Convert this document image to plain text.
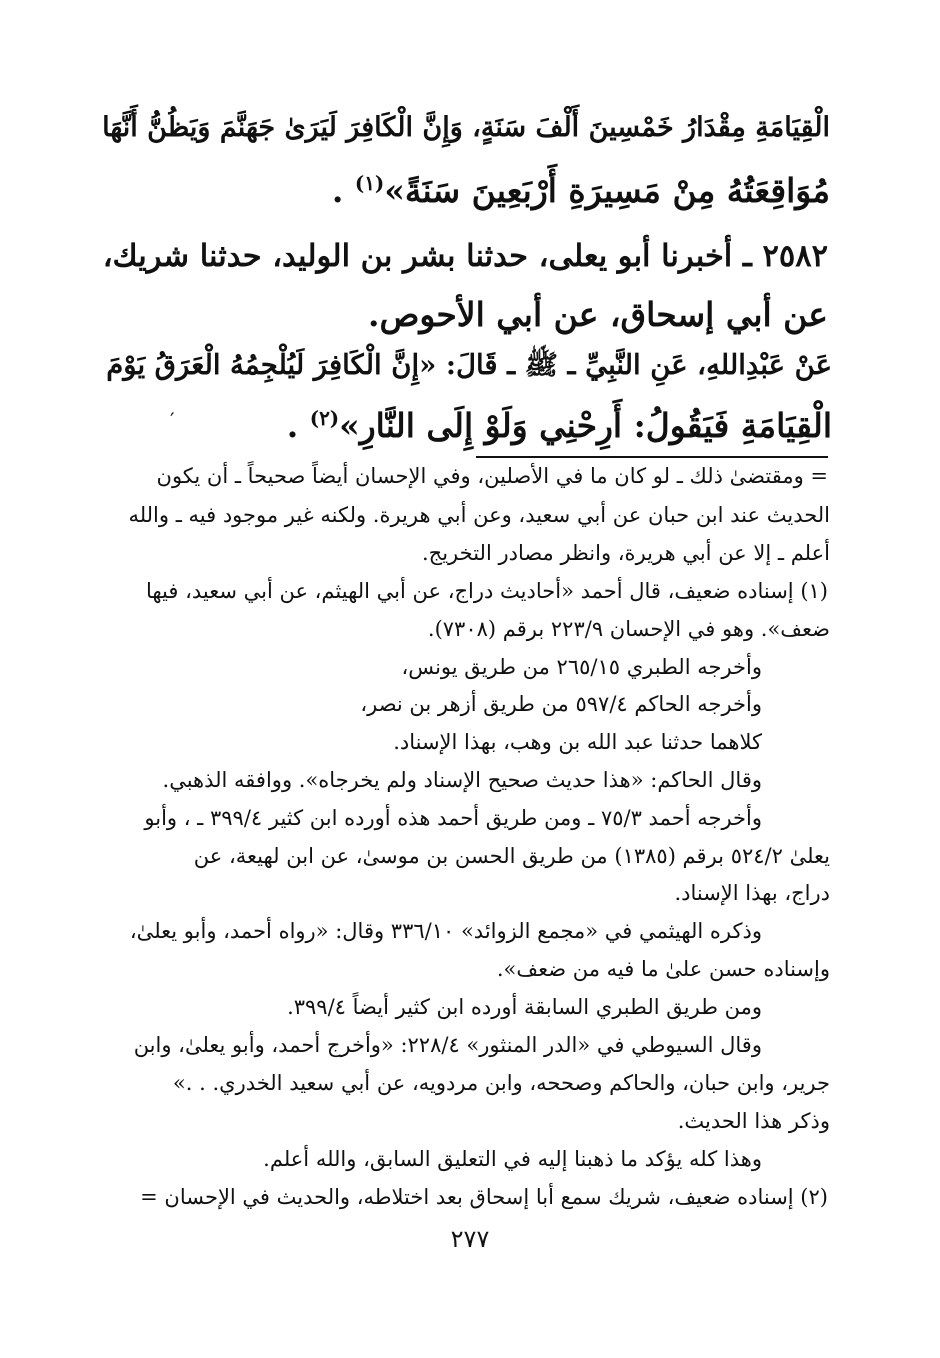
الْقِيَامَةِ مِقْدَارُ خَمْسِينَ أَلْفَ سَنَةٍ، وَإِنَّ الْكَافِرَ لَيَرَىٰ جَهَنَّمَ وَيَظُنُّ أَنَّهَا
مُوَاقِعَتُهُ مِنْ مَسِيرَةِ أَرْبَعِينَ سَنَةً»$^{(١)}$ .
٢٥٨٢ ـ أخبرنا أبو يعلى، حدثنا بشر بن الوليد، حدثنا شريك،
عن أبي إسحاق، عن أبي الأحوص.
عَنْ عَبْدِاللهِ، عَنِ النَّبِيِّ ـ ﷺ ـ قَالَ: «إِنَّ الْكَافِرَ لَيُلْجِمُهُ الْعَرَقُ يَوْمَ
الْقِيَامَةِ فَيَقُولُ: أَرِحْنِي وَلَوْ إِلَى النَّارِ»$^{(٢)}$ .
′
= ومقتضىٰ ذلك ـ لو كان ما في الأصلين، وفي الإحسان أيضاً صحيحاً ـ أن يكون
الحديث عند ابن حبان عن أبي سعيد، وعن أبي هريرة. ولكنه غير موجود فيه ـ والله
أعلم ـ إلا عن أبي هريرة، وانظر مصادر التخريج.
(١) إسناده ضعيف، قال أحمد «أحاديث دراج، عن أبي الهيثم، عن أبي سعيد، فيها
ضعف». وهو في الإحسان ٢٢٣/٩ برقم (٧٣٠٨).
وأخرجه الطبري ٢٦٥/١٥ من طريق يونس،
وأخرجه الحاكم ٥٩٧/٤ من طريق أزهر بن نصر،
كلاهما حدثنا عبد الله بن وهب، بهذا الإسناد.
وقال الحاكم: «هذا حديث صحيح الإسناد ولم يخرجاه». ووافقه الذهبي.
وأخرجه أحمد ٧٥/٣ ـ ومن طريق أحمد هذه أورده ابن كثير ٣٩٩/٤ ـ ، وأبو
يعلىٰ ٥٢٤/٢ برقم (١٣٨٥) من طريق الحسن بن موسىٰ، عن ابن لهيعة، عن
دراج، بهذا الإسناد.
وذكره الهيثمي في «مجمع الزوائد» ٣٣٦/١٠ وقال: «رواه أحمد، وأبو يعلىٰ،
وإسناده حسن علىٰ ما فيه من ضعف».
ومن طريق الطبري السابقة أورده ابن كثير أيضاً ٣٩٩/٤.
وقال السيوطي في «الدر المنثور» ٢٢٨/٤: «وأخرج أحمد، وأبو يعلىٰ، وابن
جرير، وابن حبان، والحاكم وصححه، وابن مردويه، عن أبي سعيد الخدري. . .»
وذكر هذا الحديث.
وهذا كله يؤكد ما ذهبنا إليه في التعليق السابق، والله أعلم.
(٢) إسناده ضعيف، شريك سمع أبا إسحاق بعد اختلاطه، والحديث في الإحسان =
٢٧٧
